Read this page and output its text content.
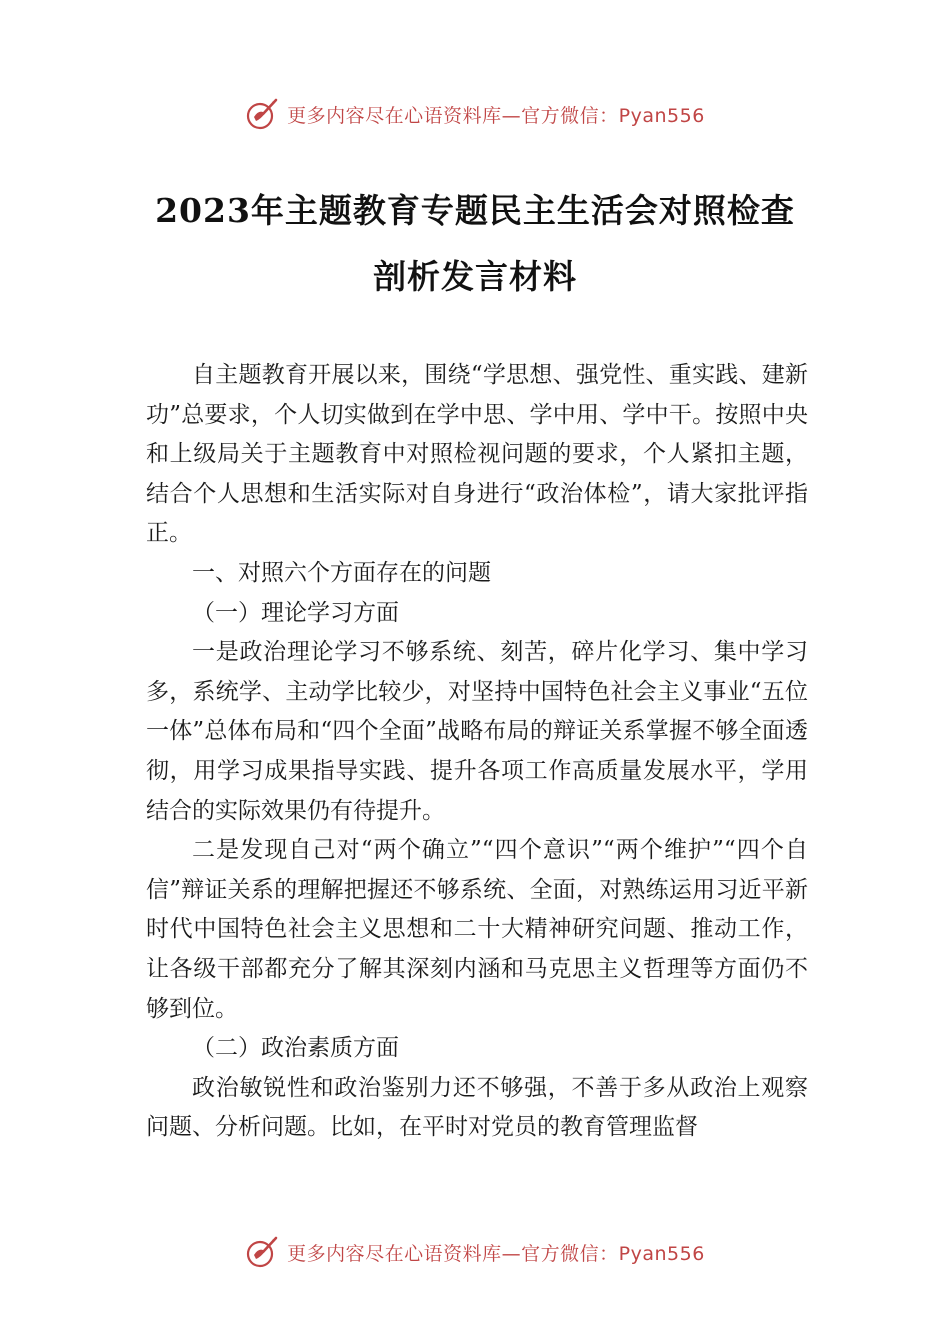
更多内容尽在心语资料库—官方微信：Pyan556
2023年主题教育专题民主生活会对照检查
剖析发言材料

自主题教育开展以来，围绕“学思想、强党性、重实践、建新功”总要求，个人切实做到在学中思、学中用、学中干。按照中央和上级局关于主题教育中对照检视问题的要求，个人紧扣主题，结合个人思想和生活实际对自身进行“政治体检”，请大家批评指正。

一、对照六个方面存在的问题

（一）理论学习方面

一是政治理论学习不够系统、刻苦，碎片化学习、集中学习多，系统学、主动学比较少，对坚持中国特色社会主义事业“五位一体”总体布局和“四个全面”战略布局的辩证关系掌握不够全面透彻，用学习成果指导实践、提升各项工作高质量发展水平，学用结合的实际效果仍有待提升。

二是发现自己对“两个确立”“四个意识”“两个维护”“四个自信”辩证关系的理解把握还不够系统、全面，对熟练运用习近平新时代中国特色社会主义思想和二十大精神研究问题、推动工作，让各级干部都充分了解其深刻内涵和马克思主义哲理等方面仍不够到位。

（二）政治素质方面

政治敏锐性和政治鉴别力还不够强，不善于多从政治上观察问题、分析问题。比如，在平时对党员的教育管理监督

更多内容尽在心语资料库—官方微信：Pyan556
